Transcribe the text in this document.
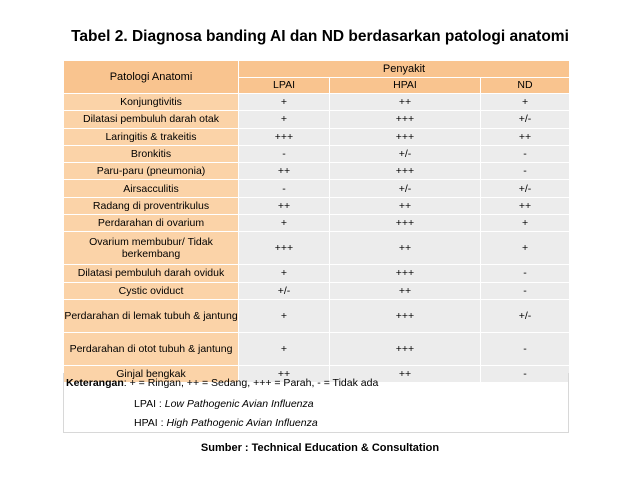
Tabel 2. Diagnosa banding AI dan ND berdasarkan patologi anatomi
Patologi Anatomi	Penyakit		
	LPAI	HPAI	ND
Konjungtivitis	+	++	+
Dilatasi pembuluh darah otak	+	+++	+/-
Laringitis & trakeitis	+++	+++	++
Bronkitis	-	+/-	-
Paru-paru (pneumonia)	++	+++	-
Airsacculitis	-	+/-	+/-
Radang di proventrikulus	++	++	++
Perdarahan di ovarium	+	+++	+
Ovarium membubur/ Tidak berkembang	+++	++	+
Dilatasi pembuluh darah oviduk	+	+++	-
Cystic oviduct	+/-	++	-
Perdarahan di lemak tubuh & jantung	+	+++	+/-
Perdarahan di otot tubuh & jantung	+	+++	-
Ginjal bengkak	++	++	-
Keterangan: + = Ringan, ++ = Sedang, +++ = Parah, - = Tidak ada
LPAI : Low Pathogenic Avian Influenza
HPAI : High Pathogenic Avian Influenza
Sumber : Technical Education & Consultation
